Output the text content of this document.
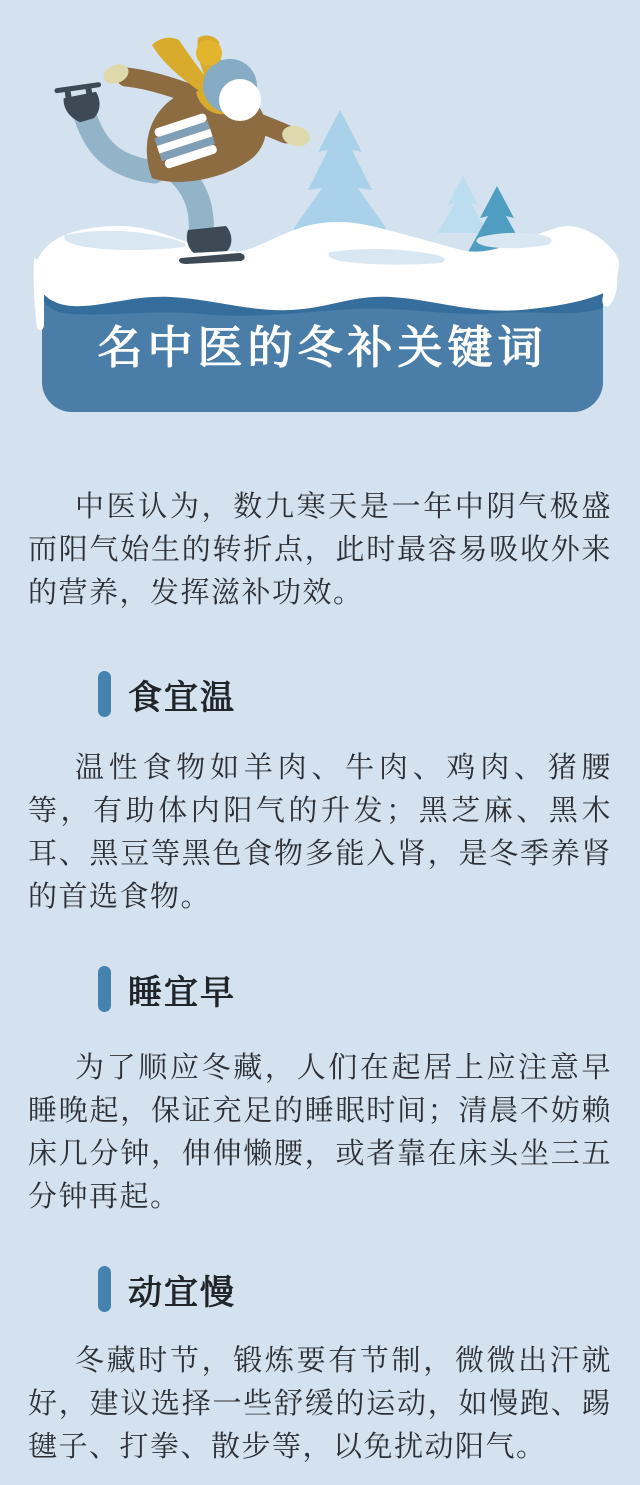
名中医的冬补关键词

中医认为，数九寒天是一年中阴气极盛而阳气始生的转折点，此时最容易吸收外来的营养，发挥滋补功效。

食宜温

温性食物如羊肉、牛肉、鸡肉、猪腰等，有助体内阳气的升发；黑芝麻、黑木耳、黑豆等黑色食物多能入肾，是冬季养肾的首选食物。

睡宜早

为了顺应冬藏，人们在起居上应注意早睡晚起，保证充足的睡眠时间；清晨不妨赖床几分钟，伸伸懒腰，或者靠在床头坐三五分钟再起。

动宜慢

冬藏时节，锻炼要有节制，微微出汗就好，建议选择一些舒缓的运动，如慢跑、踢毽子、打拳、散步等，以免扰动阳气。
